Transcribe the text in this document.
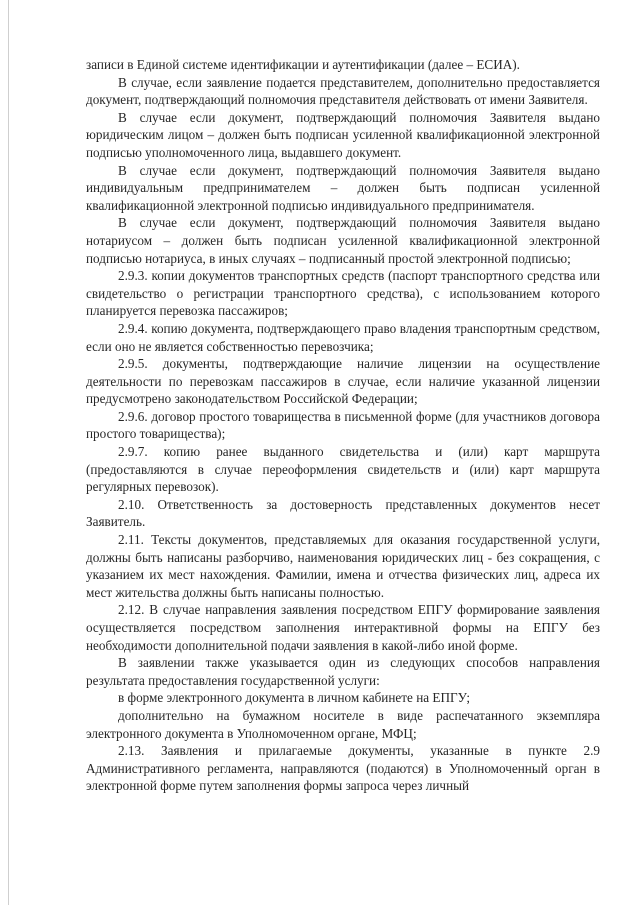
записи в Единой системе идентификации и аутентификации (далее – ЕСИА).

В случае, если заявление подается представителем, дополнительно предоставляется документ, подтверждающий полномочия представителя действовать от имени Заявителя.

В случае если документ, подтверждающий полномочия Заявителя выдано юридическим лицом – должен быть подписан усиленной квалификационной электронной подписью уполномоченного лица, выдавшего документ.

В случае если документ, подтверждающий полномочия Заявителя выдано индивидуальным предпринимателем – должен быть подписан усиленной квалификационной электронной подписью индивидуального предпринимателя.

В случае если документ, подтверждающий полномочия Заявителя выдано нотариусом – должен быть подписан усиленной квалификационной электронной подписью нотариуса, в иных случаях – подписанный простой электронной подписью;

2.9.3. копии документов транспортных средств (паспорт транспортного средства или свидетельство о регистрации транспортного средства), с использованием которого планируется перевозка пассажиров;

2.9.4. копию документа, подтверждающего право владения транспортным средством, если оно не является собственностью перевозчика;

2.9.5. документы, подтверждающие наличие лицензии на осуществление деятельности по перевозкам пассажиров в случае, если наличие указанной лицензии предусмотрено законодательством Российской Федерации;

2.9.6. договор простого товарищества в письменной форме (для участников договора простого товарищества);

2.9.7. копию ранее выданного свидетельства и (или) карт маршрута (предоставляются в случае переоформления свидетельств и (или) карт маршрута регулярных перевозок).

2.10. Ответственность за достоверность представленных документов несет Заявитель.

2.11. Тексты документов, представляемых для оказания государственной услуги, должны быть написаны разборчиво, наименования юридических лиц - без сокращения, с указанием их мест нахождения. Фамилии, имена и отчества физических лиц, адреса их мест жительства должны быть написаны полностью.

2.12. В случае направления заявления посредством ЕПГУ формирование заявления осуществляется посредством заполнения интерактивной формы на ЕПГУ без необходимости дополнительной подачи заявления в какой-либо иной форме.

В заявлении также указывается один из следующих способов направления результата предоставления государственной услуги:

в форме электронного документа в личном кабинете на ЕПГУ;

дополнительно на бумажном носителе в виде распечатанного экземпляра электронного документа в Уполномоченном органе, МФЦ;

2.13. Заявления и прилагаемые документы, указанные в пункте 2.9 Административного регламента, направляются (подаются) в Уполномоченный орган в электронной форме путем заполнения формы запроса через личный
